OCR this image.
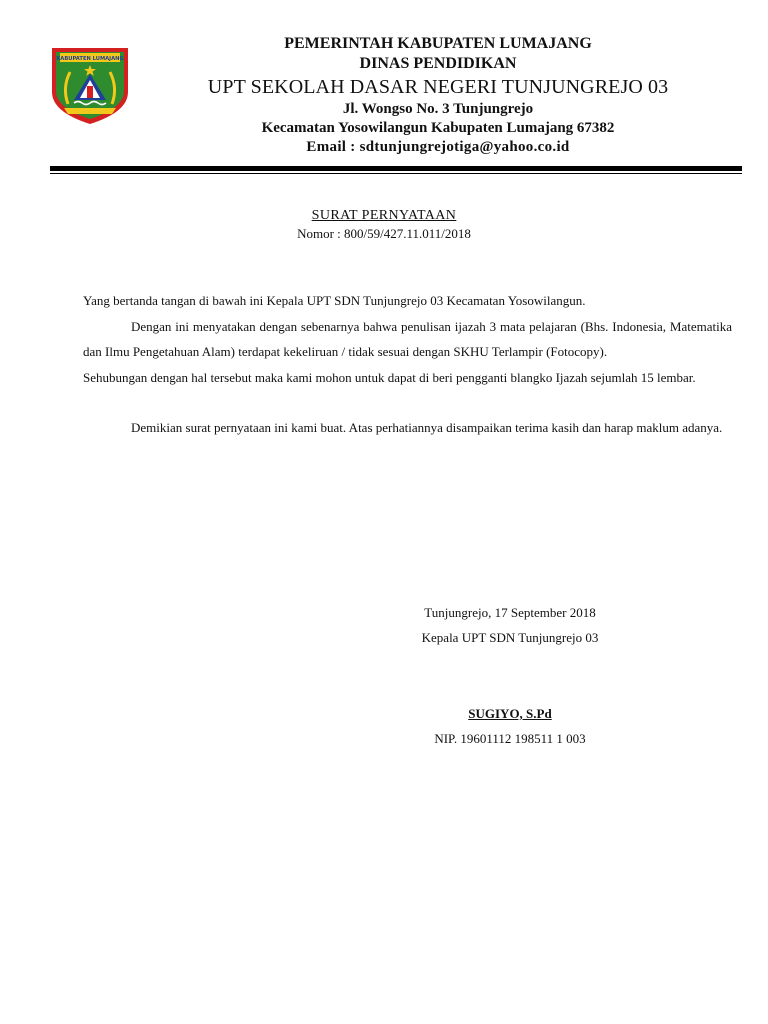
KABUPATEN LUMAJANG
PEMERINTAH KABUPATEN LUMAJANG
DINAS PENDIDIKAN
UPT SEKOLAH DASAR NEGERI TUNJUNGREJO 03
Jl. Wongso No. 3 Tunjungrejo
Kecamatan Yosowilangun Kabupaten Lumajang 67382
Email : sdtunjungrejotiga@yahoo.co.id
SURAT PERNYATAAN
Nomor : 800/59/427.11.011/2018

Yang bertanda tangan di bawah ini Kepala UPT SDN Tunjungrejo 03 Kecamatan Yosowilangun.

Dengan ini menyatakan dengan sebenarnya bahwa penulisan ijazah 3 mata pelajaran (Bhs. Indonesia, Matematika dan Ilmu Pengetahuan Alam) terdapat kekeliruan / tidak sesuai dengan SKHU Terlampir (Fotocopy).

Sehubungan dengan hal tersebut maka kami mohon untuk dapat di beri pengganti blangko Ijazah sejumlah 15 lembar.

Demikian surat pernyataan ini kami buat. Atas perhatiannya disampaikan terima kasih dan harap maklum adanya.

Tunjungrejo, 17 September 2018
Kepala UPT SDN Tunjungrejo 03
SUGIYO, S.Pd
NIP. 19601112 198511 1 003
